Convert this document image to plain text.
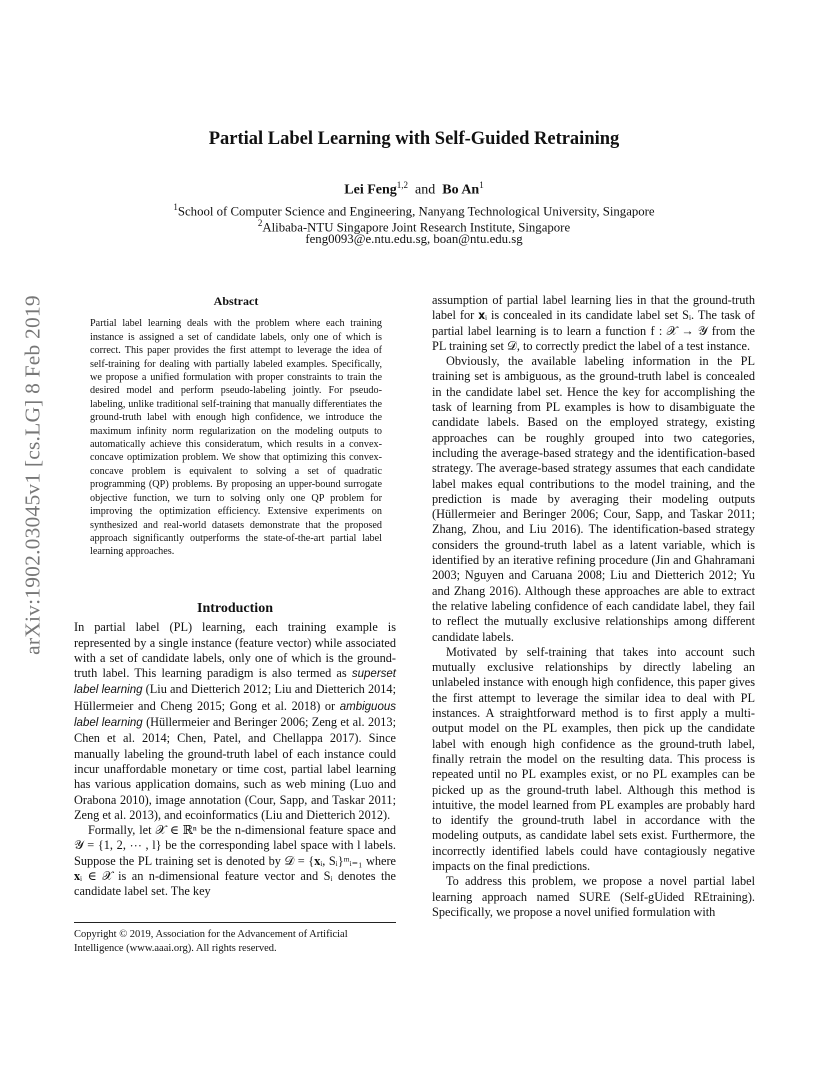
arXiv:1902.03045v1 [cs.LG] 8 Feb 2019
Partial Label Learning with Self-Guided Retraining
Lei Feng$^{1,2}$ and Bo An$^1$
$^1$School of Computer Science and Engineering, Nanyang Technological University, Singapore
$^2$Alibaba-NTU Singapore Joint Research Institute, Singapore
feng0093@e.ntu.edu.sg, boan@ntu.edu.sg
Abstract

Partial label learning deals with the problem where each training instance is assigned a set of candidate labels, only one of which is correct. This paper provides the first attempt to leverage the idea of self-training for dealing with partially labeled examples. Specifically, we propose a unified formulation with proper constraints to train the desired model and perform pseudo-labeling jointly. For pseudo-labeling, unlike traditional self-training that manually differentiates the ground-truth label with enough high confidence, we introduce the maximum infinity norm regularization on the modeling outputs to automatically achieve this consideratum, which results in a convex-concave optimization problem. We show that optimizing this convex-concave problem is equivalent to solving a set of quadratic programming (QP) problems. By proposing an upper-bound surrogate objective function, we turn to solving only one QP problem for improving the optimization efficiency. Extensive experiments on synthesized and real-world datasets demonstrate that the proposed approach significantly outperforms the state-of-the-art partial label learning approaches.

Introduction

In partial label (PL) learning, each training example is represented by a single instance (feature vector) while associated with a set of candidate labels, only one of which is the ground-truth label. This learning paradigm is also termed as superset label learning (Liu and Dietterich 2012; Liu and Dietterich 2014; Hüllermeier and Cheng 2015; Gong et al. 2018) or ambiguous label learning (Hüllermeier and Beringer 2006; Zeng et al. 2013; Chen et al. 2014; Chen, Patel, and Chellappa 2017). Since manually labeling the ground-truth label of each instance could incur unaffordable monetary or time cost, partial label learning has various application domains, such as web mining (Luo and Orabona 2010), image annotation (Cour, Sapp, and Taskar 2011; Zeng et al. 2013), and ecoinformatics (Liu and Dietterich 2012).

Formally, let 𝒳 ∈ ℝⁿ be the n-dimensional feature space and 𝒴 = {1, 2, ⋯ , l} be the corresponding label space with l labels. Suppose the PL training set is denoted by 𝒟 = {𝐱ᵢ, Sᵢ}ᵐᵢ₌₁ where 𝐱ᵢ ∈ 𝒳 is an n-dimensional feature vector and Sᵢ denotes the candidate label set. The key

Copyright © 2019, Association for the Advancement of Artificial Intelligence (www.aaai.org). All rights reserved.

assumption of partial label learning lies in that the ground-truth label for 𝐱ᵢ is concealed in its candidate label set Sᵢ. The task of partial label learning is to learn a function f : 𝒳 → 𝒴 from the PL training set 𝒟, to correctly predict the label of a test instance.

Obviously, the available labeling information in the PL training set is ambiguous, as the ground-truth label is concealed in the candidate label set. Hence the key for accomplishing the task of learning from PL examples is how to disambiguate the candidate labels. Based on the employed strategy, existing approaches can be roughly grouped into two categories, including the average-based strategy and the identification-based strategy. The average-based strategy assumes that each candidate label makes equal contributions to the model training, and the prediction is made by averaging their modeling outputs (Hüllermeier and Beringer 2006; Cour, Sapp, and Taskar 2011; Zhang, Zhou, and Liu 2016). The identification-based strategy considers the ground-truth label as a latent variable, which is identified by an iterative refining procedure (Jin and Ghahramani 2003; Nguyen and Caruana 2008; Liu and Dietterich 2012; Yu and Zhang 2016). Although these approaches are able to extract the relative labeling confidence of each candidate label, they fail to reflect the mutually exclusive relationships among different candidate labels.

Motivated by self-training that takes into account such mutually exclusive relationships by directly labeling an unlabeled instance with enough high confidence, this paper gives the first attempt to leverage the similar idea to deal with PL instances. A straightforward method is to first apply a multi-output model on the PL examples, then pick up the candidate label with enough high confidence as the ground-truth label, finally retrain the model on the resulting data. This process is repeated until no PL examples exist, or no PL examples can be picked up as the ground-truth label. Although this method is intuitive, the model learned from PL examples are probably hard to identify the ground-truth label in accordance with the modeling outputs, as candidate label sets exist. Furthermore, the incorrectly identified labels could have contagiously negative impacts on the final predictions.

To address this problem, we propose a novel partial label learning approach named SURE (Self-gUided REtraining). Specifically, we propose a novel unified formulation with
